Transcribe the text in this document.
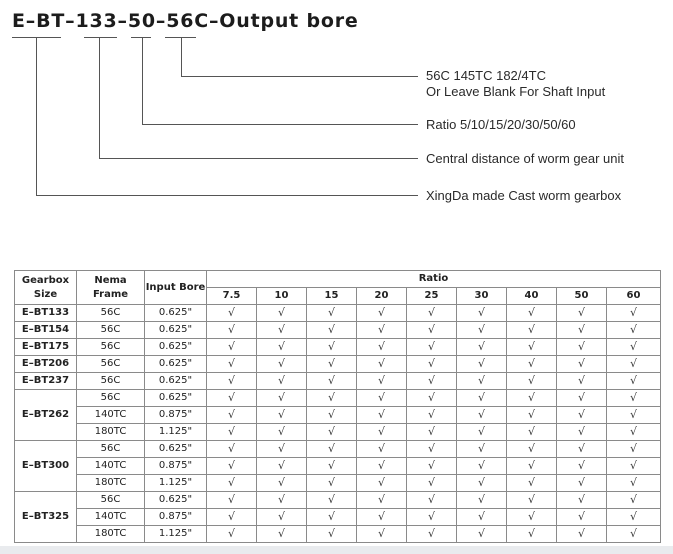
E–BT–133–50–56C–Output bore
56C 145TC 182/4TC
Or Leave Blank For Shaft Input
Ratio 5/10/15/20/30/50/60
Central distance of worm gear unit
XingDa made Cast worm gearbox
Gearbox Size	Nema Frame	Input Bore	Ratio								
			7.5	10	15	20	25	30	40	50	60
E–BT133	56C	0.625"	√	√	√	√	√	√	√	√	√
E–BT154	56C	0.625"	√	√	√	√	√	√	√	√	√
E–BT175	56C	0.625"	√	√	√	√	√	√	√	√	√
E–BT206	56C	0.625"	√	√	√	√	√	√	√	√	√
E–BT237	56C	0.625"	√	√	√	√	√	√	√	√	√
E–BT262	56C	0.625"	√	√	√	√	√	√	√	√	√
	140TC	0.875"	√	√	√	√	√	√	√	√	√
	180TC	1.125"	√	√	√	√	√	√	√	√	√
E–BT300	56C	0.625"	√	√	√	√	√	√	√	√	√
	140TC	0.875"	√	√	√	√	√	√	√	√	√
	180TC	1.125"	√	√	√	√	√	√	√	√	√
E–BT325	56C	0.625"	√	√	√	√	√	√	√	√	√
	140TC	0.875"	√	√	√	√	√	√	√	√	√
	180TC	1.125"	√	√	√	√	√	√	√	√	√
